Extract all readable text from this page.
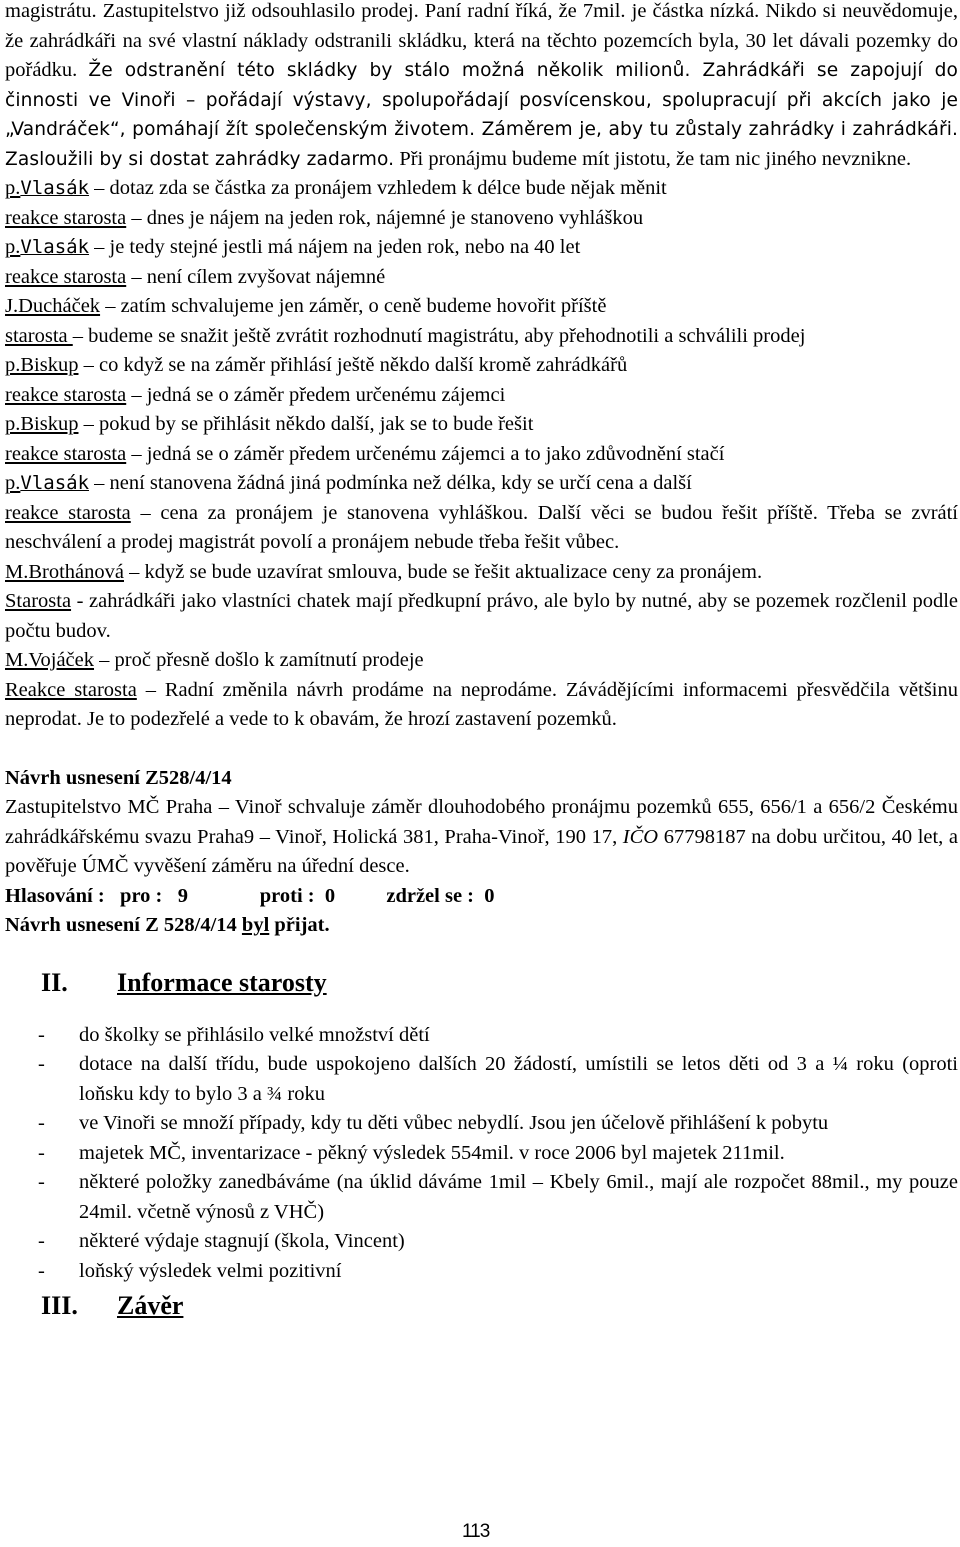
magistrátu. Zastupitelstvo již odsouhlasilo prodej. Paní radní říká, že 7mil. je částka nízká. Nikdo si neuvědomuje, že zahrádkáři na své vlastní náklady odstranili skládku, která na těchto pozemcích byla, 30 let dávali pozemky do pořádku. Že odstranění této skládky by stálo možná několik milionů. Zahrádkáři se zapojují do činnosti ve Vinoři – pořádají výstavy, spolupořádají posvícenskou, spolupracují při akcích jako je „Vandráček“, pomáhají žít společenským životem. Záměrem je, aby tu zůstaly zahrádky i zahrádkáři. Zasloužili by si dostat zahrádky zadarmo. Při pronájmu budeme mít jistotu, že tam nic jiného nevznikne.

p.Vlasák – dotaz zda se částka za pronájem vzhledem k délce bude nějak měnit

reakce starosta – dnes je nájem na jeden rok, nájemné je stanoveno vyhláškou

p.Vlasák – je tedy stejné jestli má nájem na jeden rok, nebo na 40 let

reakce starosta – není cílem zvyšovat nájemné

J.Ducháček – zatím schvalujeme jen záměr, o ceně budeme hovořit příště

starosta – budeme se snažit ještě zvrátit rozhodnutí magistrátu, aby přehodnotili a schválili prodej

p.Biskup – co když se na záměr přihlásí ještě někdo další kromě zahrádkářů

reakce starosta – jedná se o záměr předem určenému zájemci

p.Biskup – pokud by se přihlásit někdo další, jak se to bude řešit

reakce starosta – jedná se o záměr předem určenému zájemci a to jako zdůvodnění stačí

p.Vlasák – není stanovena žádná jiná podmínka než délka, kdy se určí cena a další

reakce starosta – cena za pronájem je stanovena vyhláškou. Další věci se budou řešit příště. Třeba se zvrátí neschválení a prodej magistrát povolí a pronájem nebude třeba řešit vůbec.

M.Brothánová – když se bude uzavírat smlouva, bude se řešit aktualizace ceny za pronájem.

Starosta - zahrádkáři jako vlastníci chatek mají předkupní právo, ale bylo by nutné, aby se pozemek rozčlenil podle počtu budov.

M.Vojáček – proč přesně došlo k zamítnutí prodeje

Reakce starosta – Radní změnila návrh prodáme na neprodáme. Závádějícími informacemi přesvědčila většinu neprodat. Je to podezřelé a vede to k obavám, že hrozí zastavení pozemků.

Návrh usnesení Z528/4/14

Zastupitelstvo MČ Praha – Vinoř schvaluje záměr dlouhodobého pronájmu pozemků 655, 656/1 a 656/2 Českému zahrádkářskému svazu Praha9 – Vinoř, Holická 381, Praha-Vinoř, 190 17, IČO 67798187 na dobu určitou, 40 let, a pověřuje ÚMČ vyvěšení záměru na úřední desce.

Hlasování :   pro :   9              proti :  0          zdržel se :  0

Návrh usnesení Z 528/4/14 byl přijat.

II. Informace starosty

- do školky se přihlásilo velké množství dětí
- dotace na další třídu, bude uspokojeno dalších 20 žádostí, umístili se letos děti od 3 a ¼ roku (oproti loňsku kdy to bylo 3 a ¾ roku
- ve Vinoři se množí případy, kdy tu děti vůbec nebydlí. Jsou jen účelově přihlášení k pobytu
- majetek MČ, inventarizace - pěkný výsledek 554mil. v roce 2006 byl majetek 211mil.
- některé položky zanedbáváme (na úklid dáváme 1mil – Kbely 6mil., mají ale rozpočet 88mil., my pouze 24mil. včetně výnosů z VHČ)
- některé výdaje stagnují (škola, Vincent)
- loňský výsledek velmi pozitivní

III. Závěr

113
